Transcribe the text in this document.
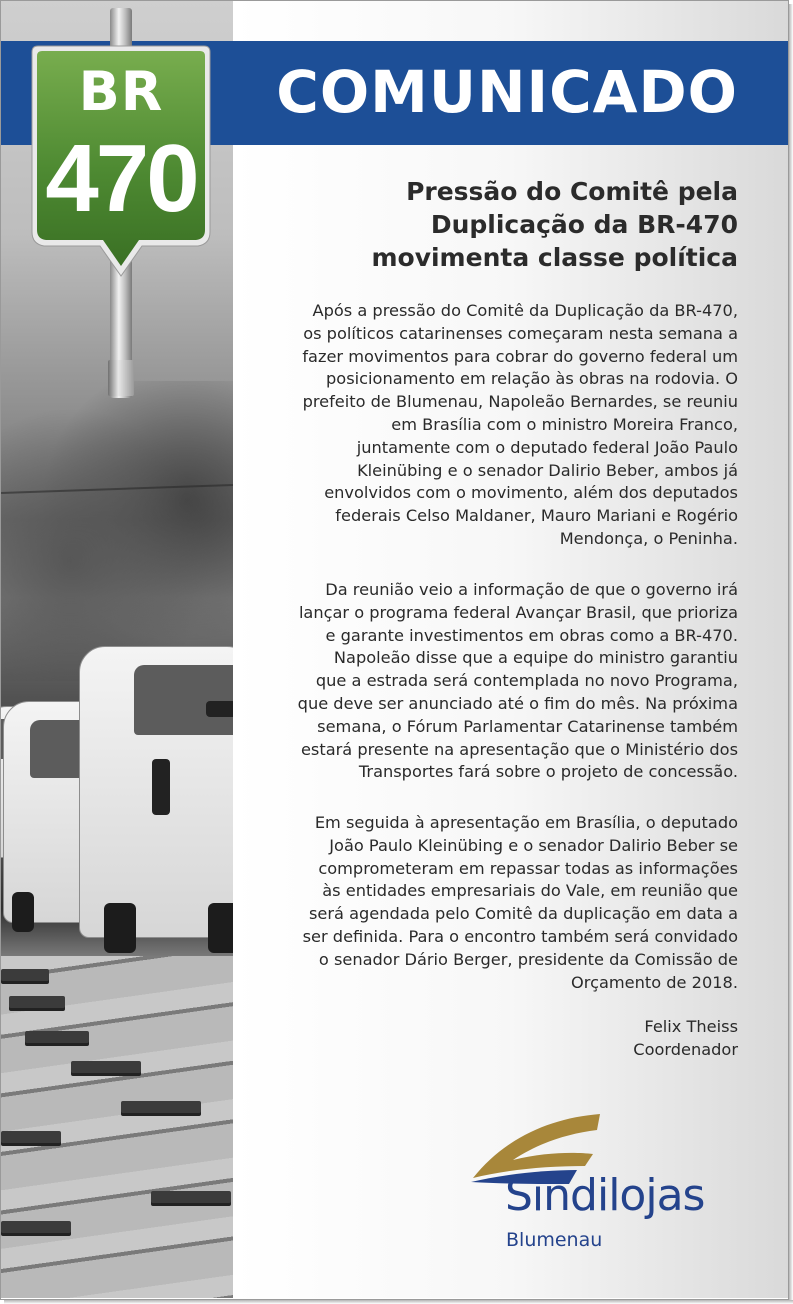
COMUNICADO
BR
470	Pressão do Comitê pela
Duplicação da BR-470
movimenta classe política
Após a pressão do Comitê da Duplicação da BR-470,
os políticos catarinenses começaram nesta semana a
fazer movimentos para cobrar do governo federal um
posicionamento em relação às obras na rodovia. O
prefeito de Blumenau, Napoleão Bernardes, se reuniu
em Brasília com o ministro Moreira Franco,
juntamente com o deputado federal João Paulo
Kleinübing e o senador Dalirio Beber, ambos já
envolvidos com o movimento, além dos deputados
federais Celso Maldaner, Mauro Mariani e Rogério
Mendonça, o Peninha.
Da reunião veio a informação de que o governo irá
lançar o programa federal Avançar Brasil, que prioriza
e garante investimentos em obras como a BR-470.
Napoleão disse que a equipe do ministro garantiu
que a estrada será contemplada no novo Programa,
que deve ser anunciado até o fim do mês. Na próxima
semana, o Fórum Parlamentar Catarinense também
estará presente na apresentação que o Ministério dos
Transportes fará sobre o projeto de concessão.
Em seguida à apresentação em Brasília, o deputado
João Paulo Kleinübing e o senador Dalirio Beber se
comprometeram em repassar todas as informações
às entidades empresariais do Vale, em reunião que
será agendada pelo Comitê da duplicação em data a
ser definida. Para o encontro também será convidado
o senador Dário Berger, presidente da Comissão de
Orçamento de 2018.
Felix Theiss
Coordenador
Sindilojas
Blumenau
